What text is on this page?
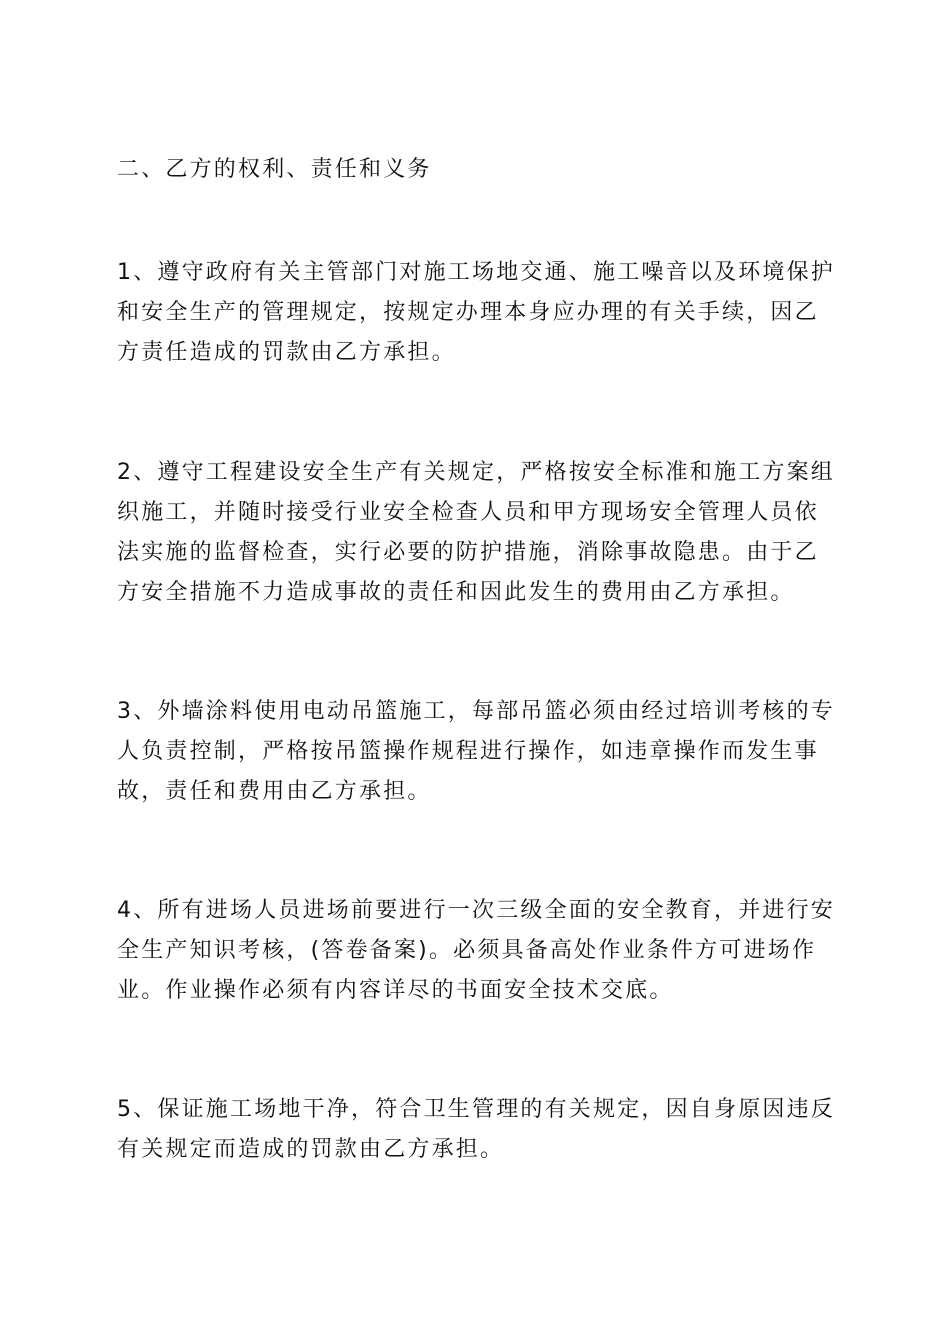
二、乙方的权利、责任和义务
1、遵守政府有关主管部门对施工场地交通、施工噪音以及环境保护和安全生产的管理规定，按规定办理本身应办理的有关手续，因乙方责任造成的罚款由乙方承担。
2、遵守工程建设安全生产有关规定，严格按安全标准和施工方案组织施工，并随时接受行业安全检查人员和甲方现场安全管理人员依法实施的监督检查，实行必要的防护措施，消除事故隐患。由于乙方安全措施不力造成事故的责任和因此发生的费用由乙方承担。
3、外墙涂料使用电动吊篮施工，每部吊篮必须由经过培训考核的专人负责控制，严格按吊篮操作规程进行操作，如违章操作而发生事故，责任和费用由乙方承担。
4、所有进场人员进场前要进行一次三级全面的安全教育，并进行安全生产知识考核，(答卷备案)。必须具备高处作业条件方可进场作业。作业操作必须有内容详尽的书面安全技术交底。
5、保证施工场地干净，符合卫生管理的有关规定，因自身原因违反有关规定而造成的罚款由乙方承担。
